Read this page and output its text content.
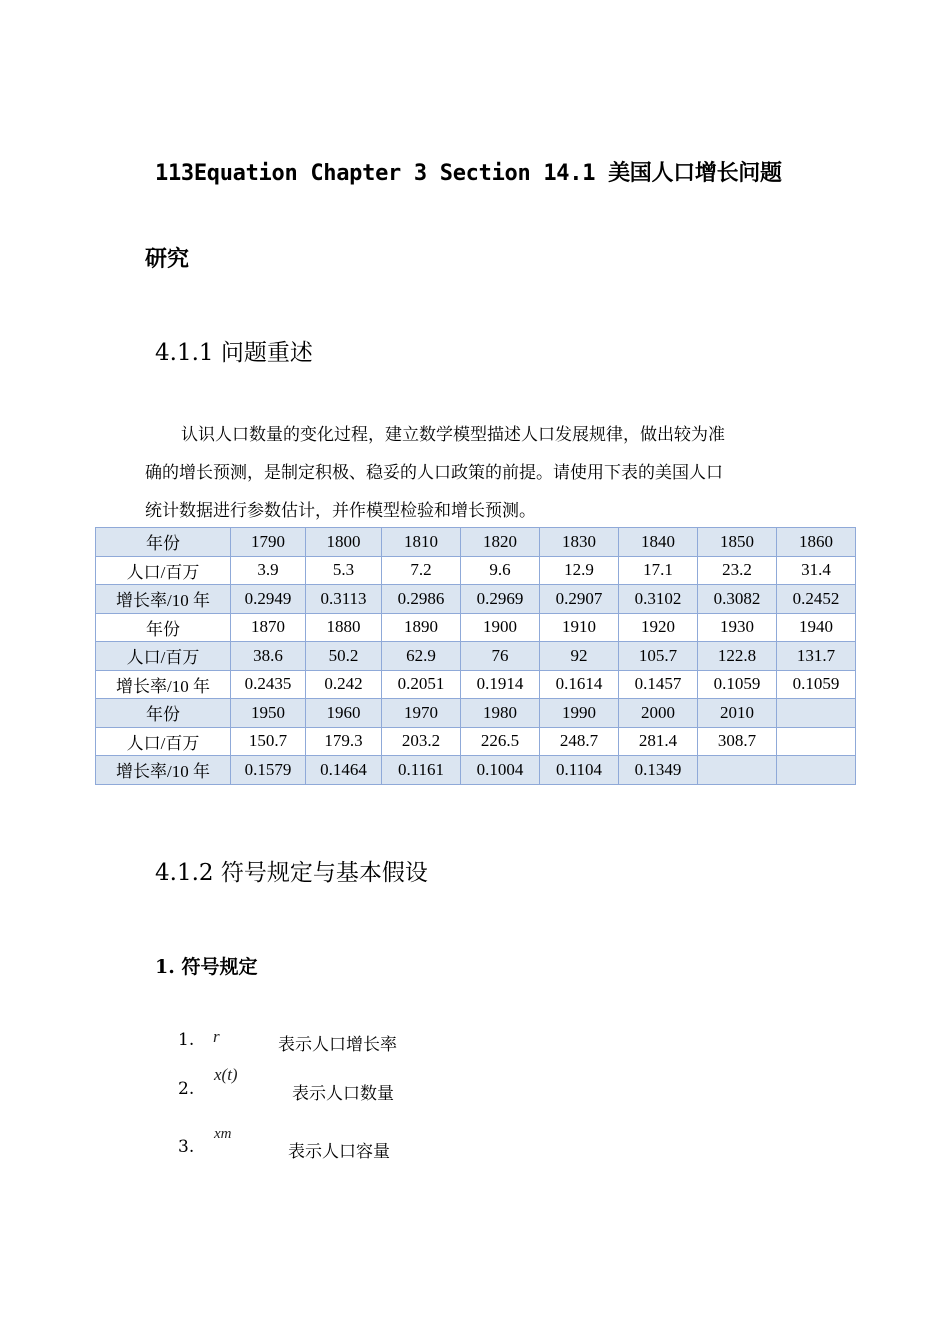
113Equation Chapter 3 Section 14.1 美国人口增长问题
研究
4.1.1 问题重述
认识人口数量的变化过程，建立数学模型描述人口发展规律，做出较为准
确的增长预测，是制定积极、稳妥的人口政策的前提。请使用下表的美国人口
统计数据进行参数估计，并作模型检验和增长预测。
年份	1790	1800	1810	1820	1830	1840	1850	1860
人口/百万	3.9	5.3	7.2	9.6	12.9	17.1	23.2	31.4
增长率/10 年	0.2949	0.3113	0.2986	0.2969	0.2907	0.3102	0.3082	0.2452
年份	1870	1880	1890	1900	1910	1920	1930	1940
人口/百万	38.6	50.2	62.9	76	92	105.7	122.8	131.7
增长率/10 年	0.2435	0.242	0.2051	0.1914	0.1614	0.1457	0.1059	0.1059
年份	1950	1960	1970	1980	1990	2000	2010	
人口/百万	150.7	179.3	203.2	226.5	248.7	281.4	308.7	
增长率/10 年	0.1579	0.1464	0.1161	0.1004	0.1104	0.1349		
4.1.2 符号规定与基本假设
1. 符号规定
1. r	表示人口增长率
2.
x(t)
表示人口数量
3.
xm
表示人口容量
